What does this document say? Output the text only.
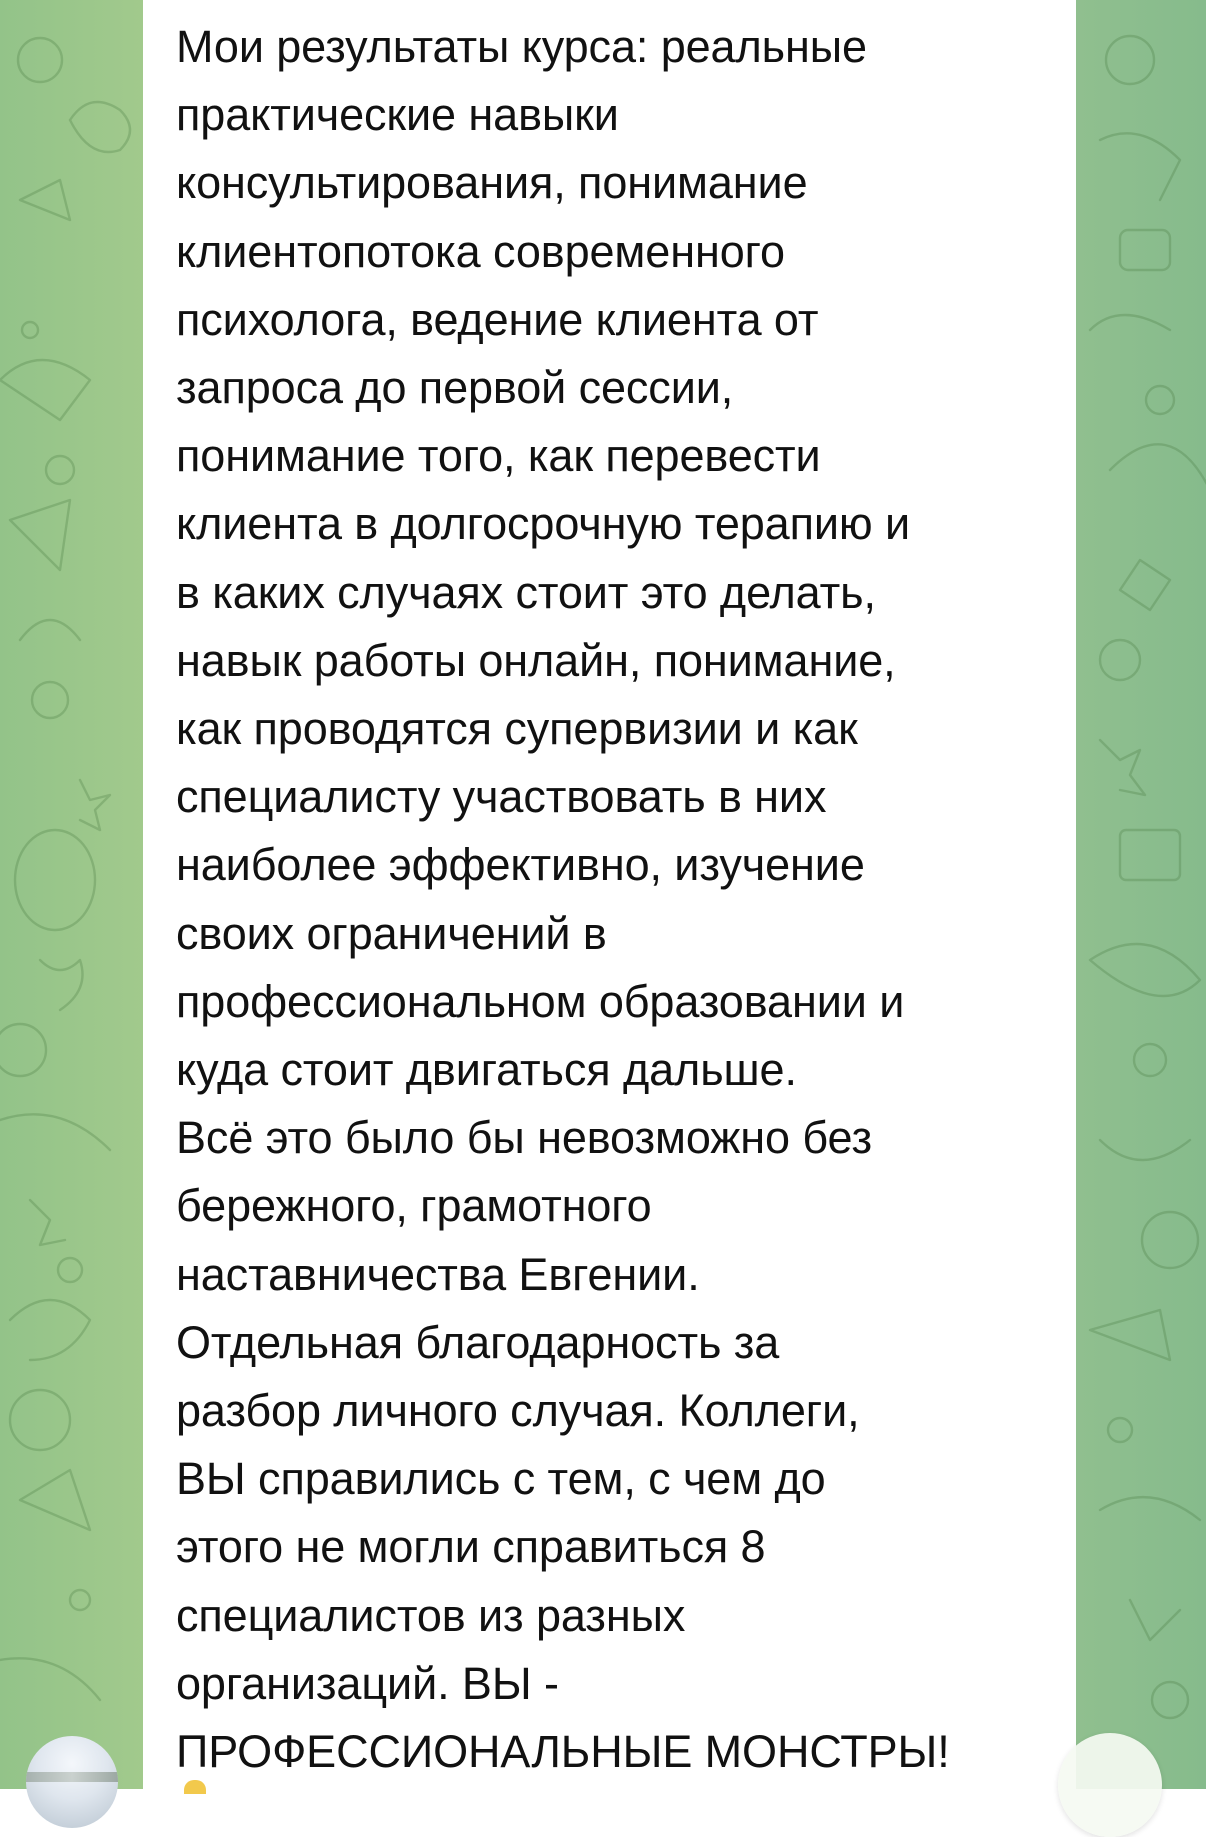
Мои результаты курса: реальные
практические навыки
консультирования, понимание
клиентопотока современного
психолога, ведение клиента от
запроса до первой сессии,
понимание того, как перевести
клиента в долгосрочную терапию и
в каких случаях стоит это делать,
навык работы онлайн, понимание,
как проводятся супервизии и как
специалисту участвовать в них
наиболее эффективно, изучение
своих ограничений в
профессиональном образовании и
куда стоит двигаться дальше.
Всё это было бы невозможно без
бережного, грамотного
наставничества Евгении.
Отдельная благодарность за
разбор личного случая. Коллеги,
ВЫ справились с тем, с чем до
этого не могли справиться 8
специалистов из разных
организаций. ВЫ -
ПРОФЕССИОНАЛЬНЫЕ МОНСТРЫ!
